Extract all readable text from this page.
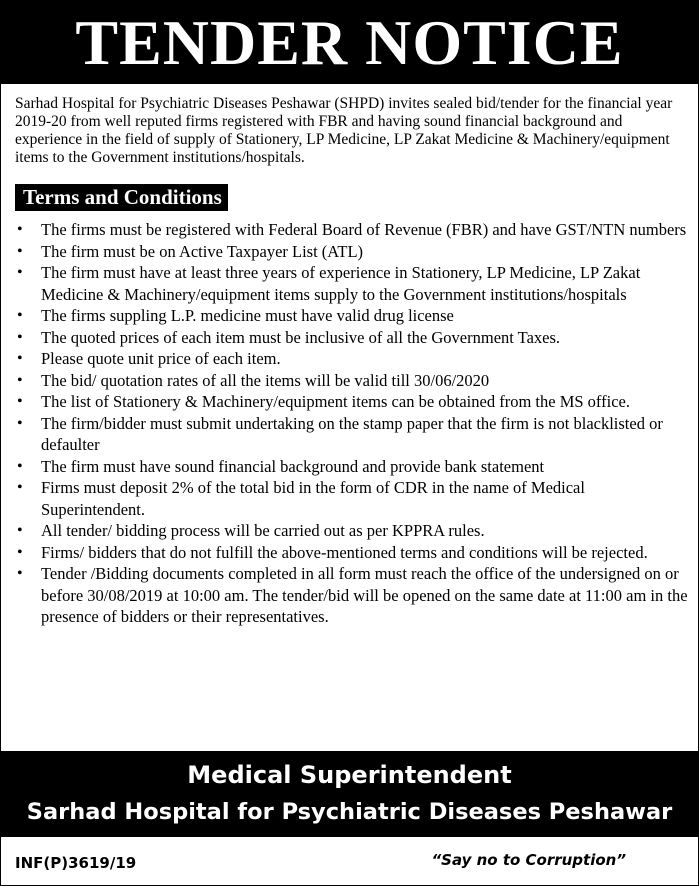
TENDER NOTICE

Sarhad Hospital for Psychiatric Diseases Peshawar (SHPD) invites sealed bid/tender for the financial year 2019-20 from well reputed firms registered with FBR and having sound financial background and experience in the field of supply of Stationery, LP Medicine, LP Zakat Medicine & Machinery/equipment items to the Government institutions/hospitals.

Terms and Conditions
• The firms must be registered with Federal Board of Revenue (FBR) and have GST/NTN numbers
• The firm must be on Active Taxpayer List (ATL)
• The firm must have at least three years of experience in Stationery, LP Medicine, LP Zakat Medicine & Machinery/equipment items supply to the Government institutions/hospitals
• The firms suppling L.P. medicine must have valid drug license
• The quoted prices of each item must be inclusive of all the Government Taxes.
• Please quote unit price of each item.
• The bid/ quotation rates of all the items will be valid till 30/06/2020
• The list of Stationery & Machinery/equipment items can be obtained from the MS office.
• The firm/bidder must submit undertaking on the stamp paper that the firm is not blacklisted or defaulter
• The firm must have sound financial background and provide bank statement
• Firms must deposit 2% of the total bid in the form of CDR in the name of Medical Superintendent.
• All tender/ bidding process will be carried out as per KPPRA rules.
• Firms/ bidders that do not fulfill the above-mentioned terms and conditions will be rejected.
• Tender /Bidding documents completed in all form must reach the office of the undersigned on or before 30/08/2019 at 10:00 am. The tender/bid will be opened on the same date at 11:00 am in the presence of bidders or their representatives.
Medical Superintendent
Sarhad Hospital for Psychiatric Diseases Peshawar
INF(P)3619/19	“Say no to Corruption”
